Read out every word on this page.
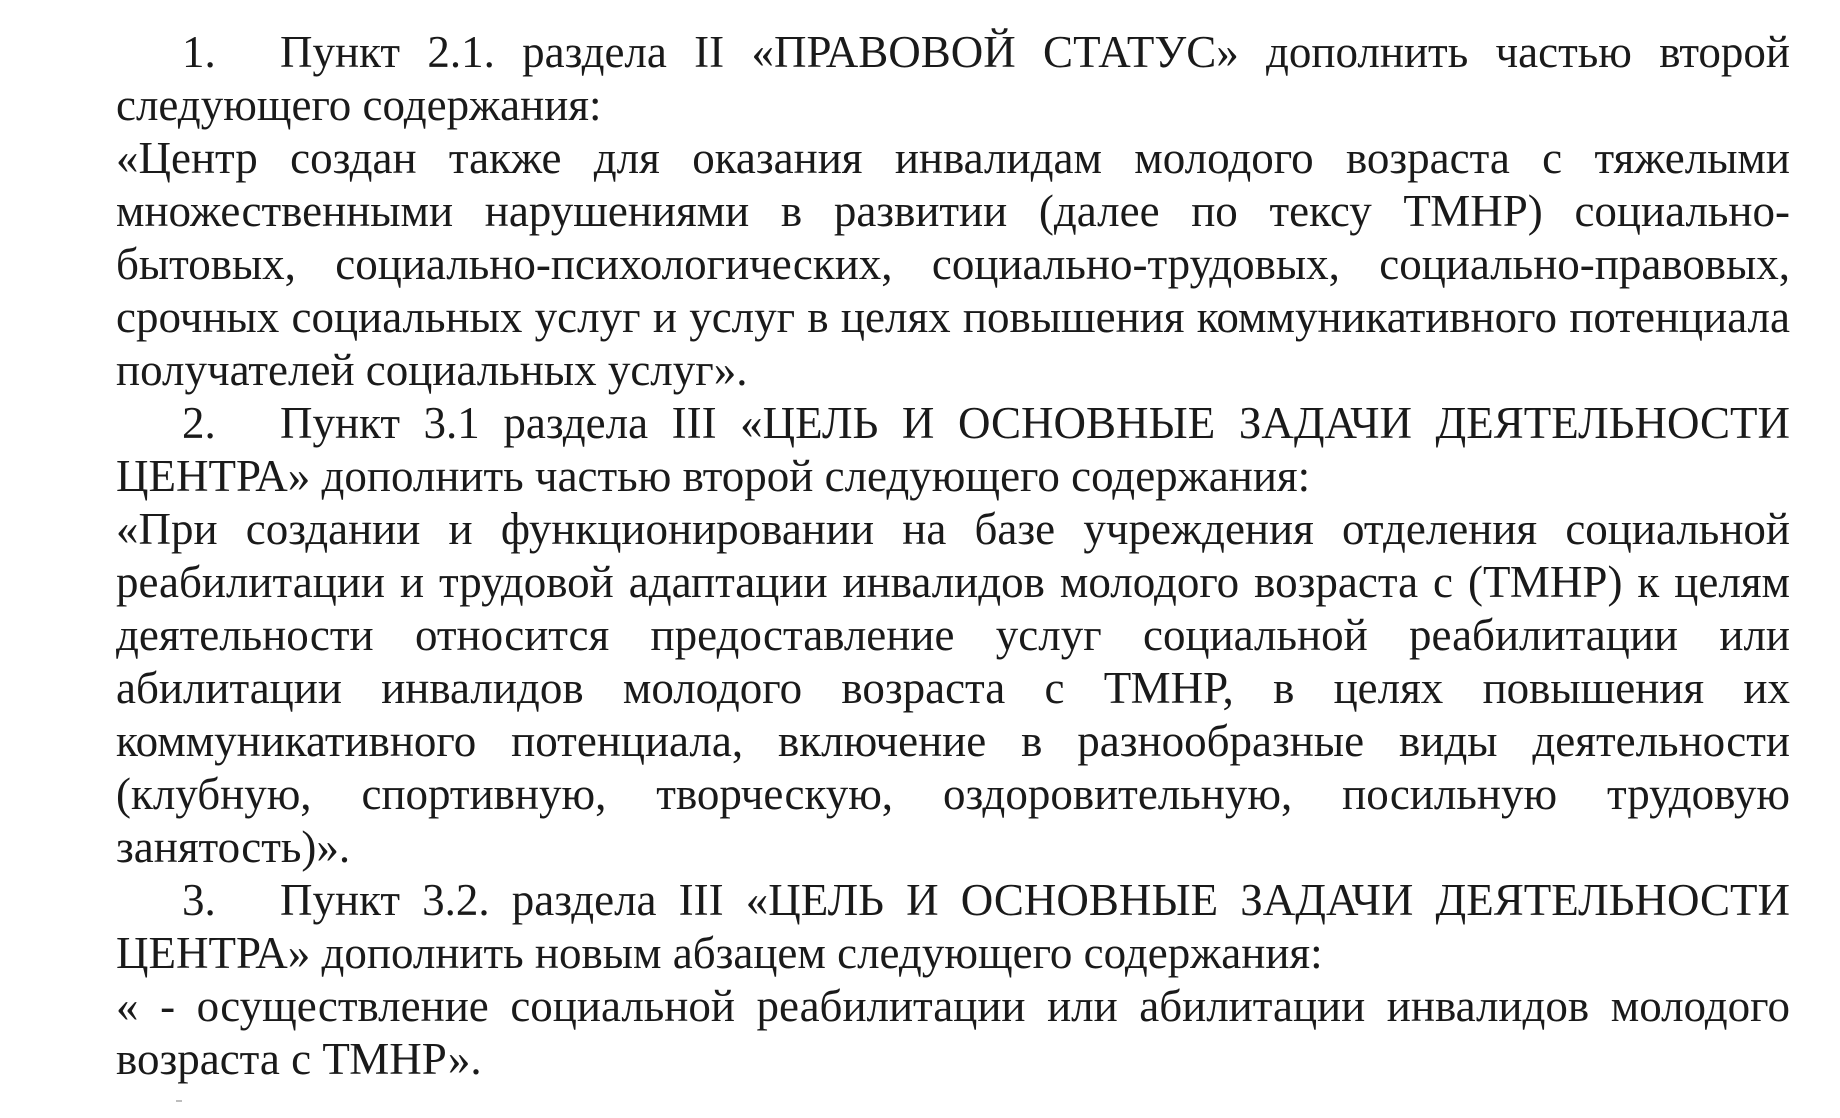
1. Пункт 2.1. раздела II «ПРАВОВОЙ СТАТУС» дополнить частью второй следующего содержания:

«Центр создан также для оказания инвалидам молодого возраста с тяжелыми множественными нарушениями в развитии (далее по тексу ТМНР) социально-бытовых, социально-психологических, социально-трудовых, социально-правовых, срочных социальных услуг и услуг в целях повышения коммуникативного потенциала получателей социальных услуг».

2. Пункт 3.1 раздела III «ЦЕЛЬ И ОСНОВНЫЕ ЗАДАЧИ ДЕЯТЕЛЬНОСТИ ЦЕНТРА» дополнить частью второй следующего содержания:

«При создании и функционировании на базе учреждения отделения социальной реабилитации и трудовой адаптации инвалидов молодого возраста с (ТМНР) к целям деятельности относится предоставление услуг социальной реабилитации или абилитации инвалидов молодого возраста с ТМНР, в целях повышения их коммуникативного потенциала, включение в разнообразные виды деятельности (клубную, спортивную, творческую, оздоровительную, посильную трудовую занятость)».

3. Пункт 3.2. раздела III «ЦЕЛЬ И ОСНОВНЫЕ ЗАДАЧИ ДЕЯТЕЛЬНОСТИ ЦЕНТРА» дополнить новым абзацем следующего содержания:

« - осуществление социальной реабилитации или абилитации инвалидов молодого возраста с ТМНР».
